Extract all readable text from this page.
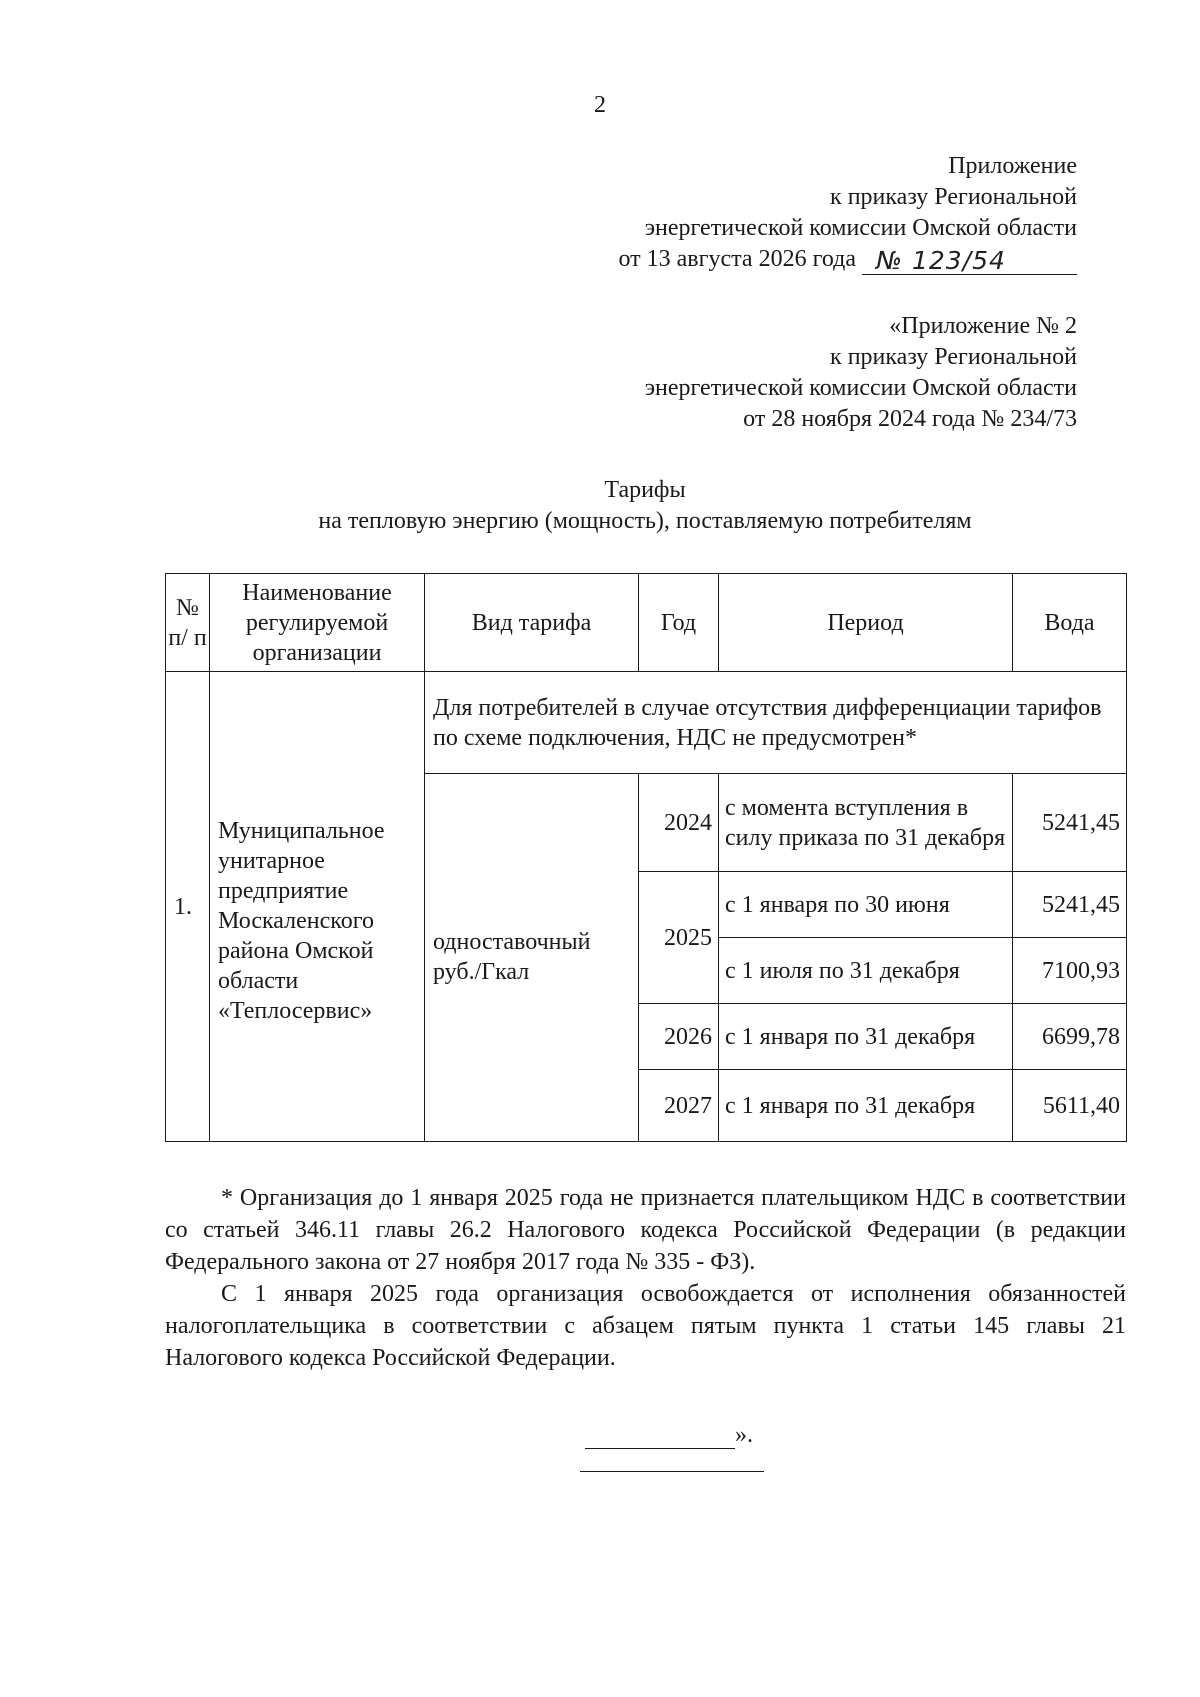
2
Приложение
к приказу Региональной
энергетической комиссии Омской области
от 13 августа 2026 года
№ 123/54
«Приложение № 2
к приказу Региональной
энергетической комиссии Омской области
от 28 ноября 2024 года № 234/73
Тарифы
на тепловую энергию (мощность), поставляемую потребителям
№ п/ п	Наименование регулируемой организации	Вид тарифа	Год	Период	Вода
1.	Муниципальное унитарное предприятие Москаленского района Омской области «Теплосервис»	Для потребителей в случае отсутствия дифференциации тарифов по схеме подключения, НДС не предусмотрен*			
		одноставочный руб./Гкал	2024	с момента вступления в силу приказа по 31 декабря	5241,45
			2025	с 1 января по 30 июня	5241,45
				с 1 июля по 31 декабря	7100,93
			2026	с 1 января по 31 декабря	6699,78
			2027	с 1 января по 31 декабря	5611,40

* Организация до 1 января 2025 года не признается плательщиком НДС в соответствии со статьей 346.11 главы 26.2 Налогового кодекса Российской Федерации (в редакции Федерального закона от 27 ноября 2017 года № 335 - ФЗ).

С 1 января 2025 года организация освобождается от исполнения обязанностей налогоплательщика в соответствии с абзацем пятым пункта 1 статьи 145 главы 21 Налогового кодекса Российской Федерации.

».
